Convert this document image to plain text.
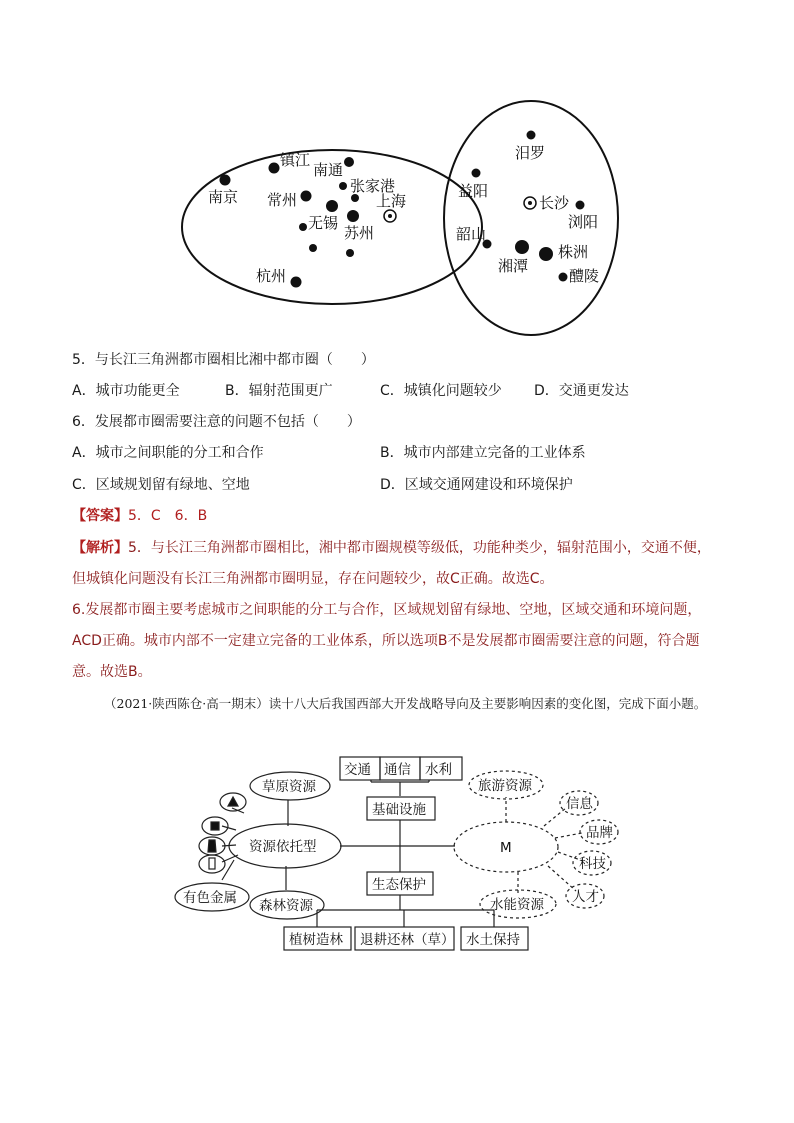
南京
镇江
南通
张家港
常州	上海
无锡
苏州
杭州
汨罗
益阳
长沙
浏阳
韶山
株洲
湘潭
醴陵
5．与长江三角洲都市圈相比湘中都市圈（　　）
A．城市功能更全	B．辐射范围更广	C．城镇化问题较少 D．交通更发达
6．发展都市圈需要注意的问题不包括（　　）
A．城市之间职能的分工和合作	B．城市内部建立完备的工业体系
C．区域规划留有绿地、空地	D．区域交通网建设和环境保护
【答案】5．C　6．B
【解析】5．与长江三角洲都市圈相比，湘中都市圈规模等级低，功能种类少，辐射范围小，交通不便，但城镇化问题没有长江三角洲都市圈明显，存在问题较少，故C正确。故选C。
6.发展都市圈主要考虑城市之间职能的分工与合作，区域规划留有绿地、空地，区域交通和环境问题，ACD正确。城市内部不一定建立完备的工业体系，所以选项B不是发展都市圈需要注意的问题，符合题意。故选B。
（2021·陕西陈仓·高一期末）读十八大后我国西部大开发战略导向及主要影响因素的变化图，完成下面小题。
交通 通信 水利
基础设施
草原资源
资源依托型
有色金属 森林资源
生态保护
植树造林 退耕还林（草） 水土保持
M
旅游资源
信息
品牌
科技
人才
水能资源
